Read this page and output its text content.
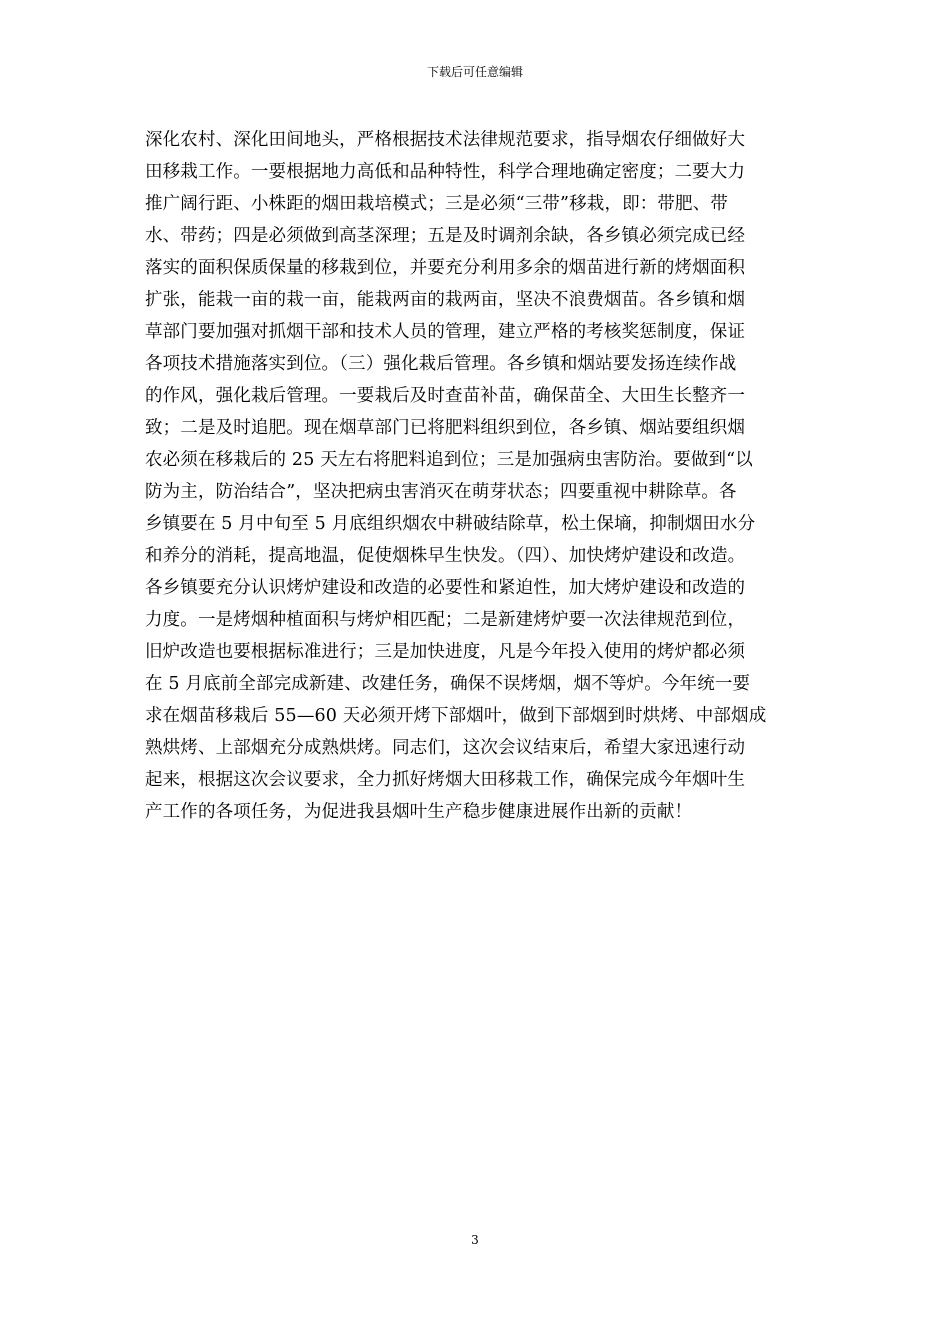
下载后可任意编辑
深化农村、深化田间地头，严格根据技术法律规范要求，指导烟农仔细做好大
田移栽工作。一要根据地力高低和品种特性，科学合理地确定密度；二要大力
推广阔行距、小株距的烟田栽培模式；三是必须“三带”移栽，即：带肥、带
水、带药；四是必须做到高茎深理；五是及时调剂余缺，各乡镇必须完成已经
落实的面积保质保量的移栽到位，并要充分利用多余的烟苗进行新的烤烟面积
扩张，能栽一亩的栽一亩，能栽两亩的栽两亩，坚决不浪费烟苗。各乡镇和烟
草部门要加强对抓烟干部和技术人员的管理，建立严格的考核奖惩制度，保证
各项技术措施落实到位。（三）强化栽后管理。各乡镇和烟站要发扬连续作战
的作风，强化栽后管理。一要栽后及时查苗补苗，确保苗全、大田生长整齐一
致；二是及时追肥。现在烟草部门已将肥料组织到位，各乡镇、烟站要组织烟
农必须在移栽后的 25 天左右将肥料追到位；三是加强病虫害防治。要做到“以
防为主，防治结合”，坚决把病虫害消灭在萌芽状态；四要重视中耕除草。各
乡镇要在 5 月中旬至 5 月底组织烟农中耕破结除草，松土保墒，抑制烟田水分
和养分的消耗，提高地温，促使烟株早生快发。（四）、加快烤炉建设和改造。
各乡镇要充分认识烤炉建设和改造的必要性和紧迫性，加大烤炉建设和改造的
力度。一是烤烟种植面积与烤炉相匹配；二是新建烤炉要一次法律规范到位，
旧炉改造也要根据标准进行；三是加快进度，凡是今年投入使用的烤炉都必须
在 5 月底前全部完成新建、改建任务，确保不误烤烟，烟不等炉。今年统一要
求在烟苗移栽后 55—60 天必须开烤下部烟叶，做到下部烟到时烘烤、中部烟成
熟烘烤、上部烟充分成熟烘烤。同志们，这次会议结束后，希望大家迅速行动
起来，根据这次会议要求，全力抓好烤烟大田移栽工作，确保完成今年烟叶生
产工作的各项任务，为促进我县烟叶生产稳步健康进展作出新的贡献！
3
